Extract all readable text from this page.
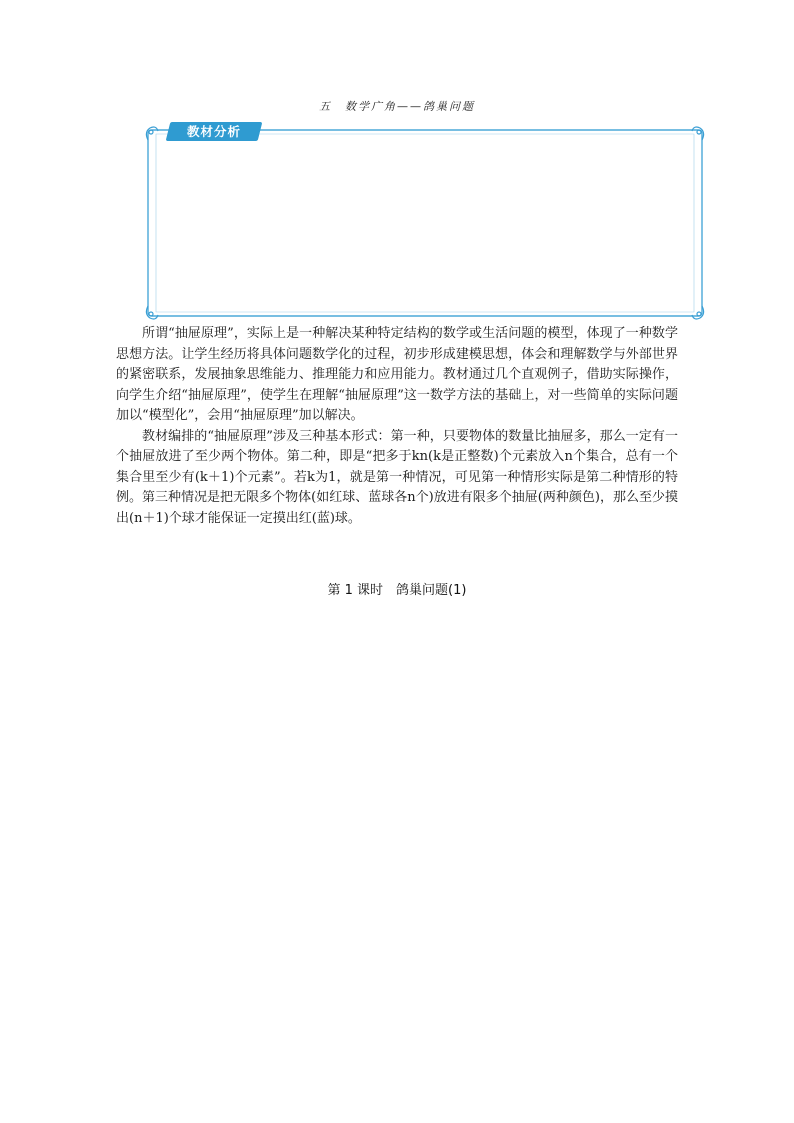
五　数学广角——鸽巢问题
教材分析

所谓“抽屉原理”，实际上是一种解决某种特定结构的数学或生活问题的模型，体现了一种数学思想方法。让学生经历将具体问题数学化的过程，初步形成建模思想，体会和理解数学与外部世界的紧密联系，发展抽象思维能力、推理能力和应用能力。教材通过几个直观例子，借助实际操作，向学生介绍“抽屉原理”，使学生在理解“抽屉原理”这一数学方法的基础上，对一些简单的实际问题加以“模型化”，会用“抽屉原理”加以解决。

教材编排的“抽屉原理”涉及三种基本形式：第一种，只要物体的数量比抽屉多，那么一定有一个抽屉放进了至少两个物体。第二种，即是“把多于kn(k是正整数)个元素放入n个集合，总有一个集合里至少有(k＋1)个元素”。若k为1，就是第一种情况，可见第一种情形实际是第二种情形的特例。第三种情况是把无限多个物体(如红球、蓝球各n个)放进有限多个抽屉(两种颜色)，那么至少摸出(n＋1)个球才能保证一定摸出红(蓝)球。

第 1 课时　鸽巢问题(1)
